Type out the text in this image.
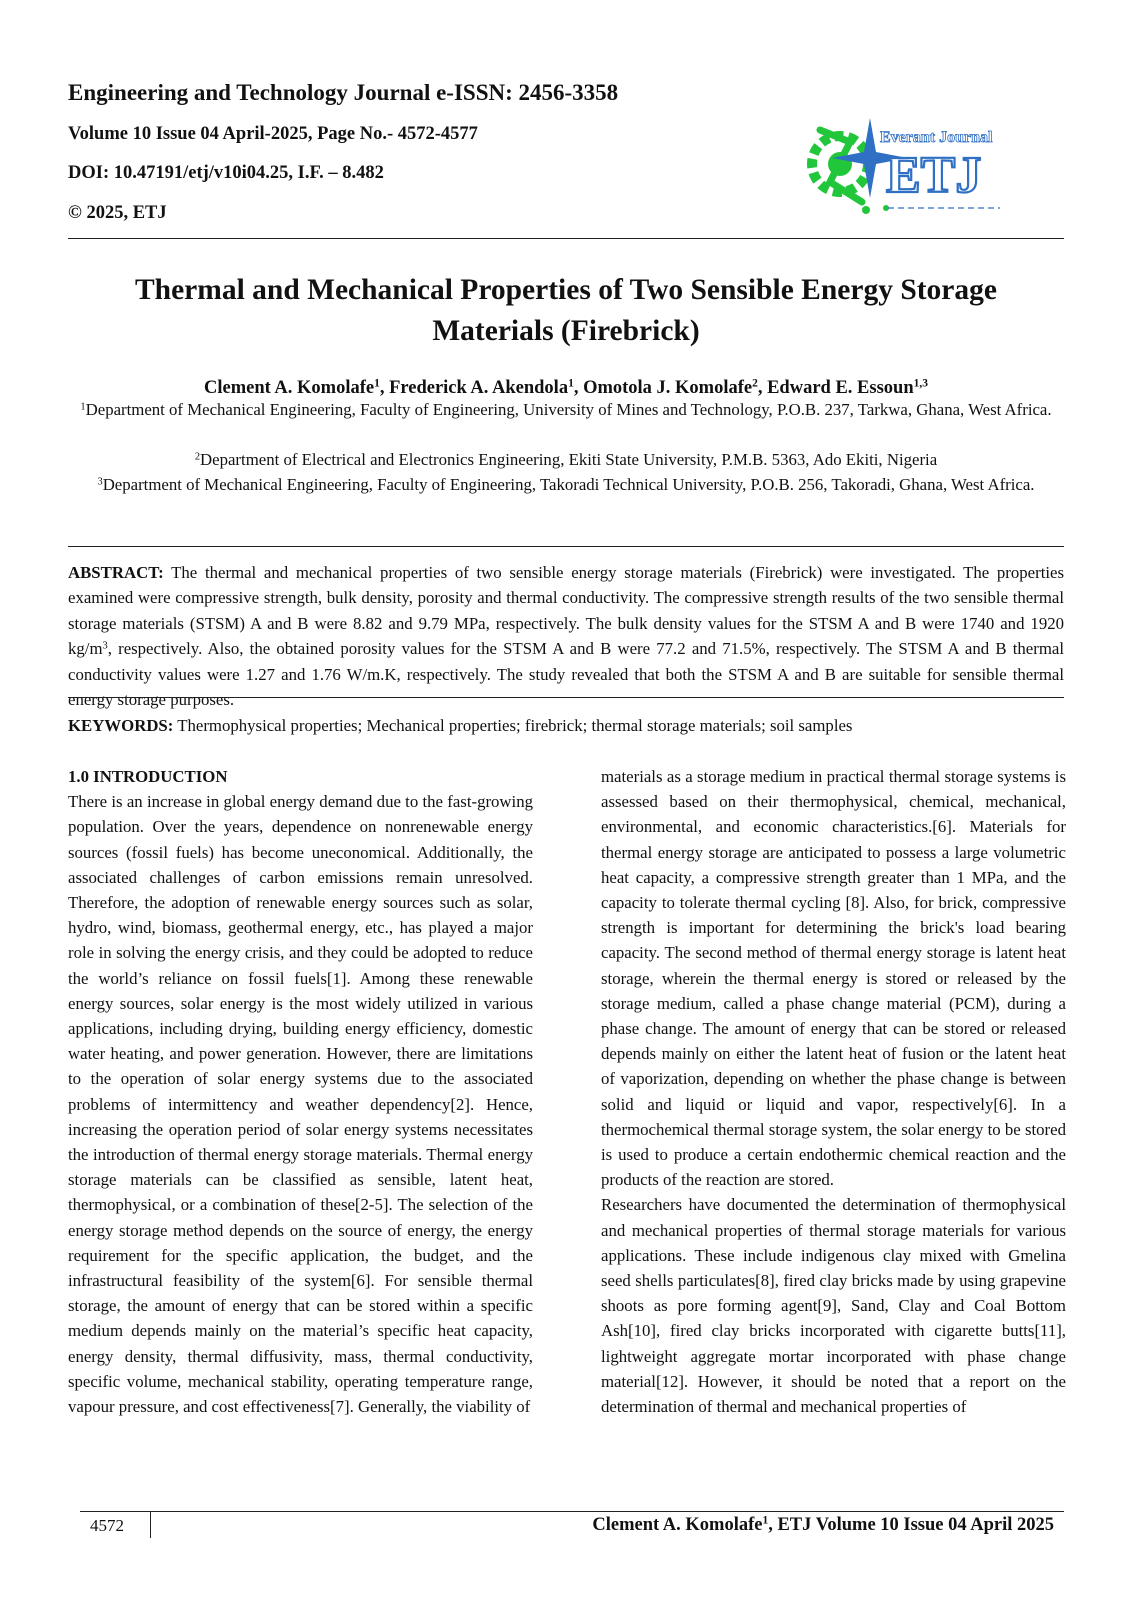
Engineering and Technology Journal e-ISSN: 2456-3358
Volume 10 Issue 04 April-2025, Page No.- 4572-4577
DOI: 10.47191/etj/v10i04.25, I.F. – 8.482
© 2025, ETJ
Everant Journal
ETJ
Thermal and Mechanical Properties of Two Sensible Energy Storage Materials (Firebrick)
Clement A. Komolafe$^1$, Frederick A. Akendola$^1$, Omotola J. Komolafe$^2$, Edward E. Essoun$^{1,3}$
$^1$Department of Mechanical Engineering, Faculty of Engineering, University of Mines and Technology, P.O.B. 237, Tarkwa, Ghana, West Africa.
$^2$Department of Electrical and Electronics Engineering, Ekiti State University, P.M.B. 5363, Ado Ekiti, Nigeria
$^3$Department of Mechanical Engineering, Faculty of Engineering, Takoradi Technical University, P.O.B. 256, Takoradi, Ghana, West Africa.
ABSTRACT: The thermal and mechanical properties of two sensible energy storage materials (Firebrick) were investigated. The properties examined were compressive strength, bulk density, porosity and thermal conductivity. The compressive strength results of the two sensible thermal storage materials (STSM) A and B were 8.82 and 9.79 MPa, respectively. The bulk density values for the STSM A and B were 1740 and 1920 $kg/m^3$, respectively. Also, the obtained porosity values for the STSM A and B were 77.2 and 71.5%, respectively. The STSM A and B thermal conductivity values were 1.27 and 1.76 W/m.K, respectively. The study revealed that both the STSM A and B are suitable for sensible thermal energy storage purposes.
KEYWORDS: Thermophysical properties; Mechanical properties; firebrick; thermal storage materials; soil samples

1.0 INTRODUCTION

There is an increase in global energy demand due to the fast-growing population. Over the years, dependence on nonrenewable energy sources (fossil fuels) has become uneconomical. Additionally, the associated challenges of carbon emissions remain unresolved. Therefore, the adoption of renewable energy sources such as solar, hydro, wind, biomass, geothermal energy, etc., has played a major role in solving the energy crisis, and they could be adopted to reduce the world’s reliance on fossil fuels[1]. Among these renewable energy sources, solar energy is the most widely utilized in various applications, including drying, building energy efficiency, domestic water heating, and power generation. However, there are limitations to the operation of solar energy systems due to the associated problems of intermittency and weather dependency[2]. Hence, increasing the operation period of solar energy systems necessitates the introduction of thermal energy storage materials. Thermal energy storage materials can be classified as sensible, latent heat, thermophysical, or a combination of these[2-5]. The selection of the energy storage method depends on the source of energy, the energy requirement for the specific application, the budget, and the infrastructural feasibility of the system[6]. For sensible thermal storage, the amount of energy that can be stored within a specific medium depends mainly on the material’s specific heat capacity, energy density, thermal diffusivity, mass, thermal conductivity, specific volume, mechanical stability, operating temperature range, vapour pressure, and cost effectiveness[7]. Generally, the viability of

materials as a storage medium in practical thermal storage systems is assessed based on their thermophysical, chemical, mechanical, environmental, and economic characteristics.[6]. Materials for thermal energy storage are anticipated to possess a large volumetric heat capacity, a compressive strength greater than 1 MPa, and the capacity to tolerate thermal cycling [8]. Also, for brick, compressive strength is important for determining the brick's load bearing capacity. The second method of thermal energy storage is latent heat storage, wherein the thermal energy is stored or released by the storage medium, called a phase change material (PCM), during a phase change. The amount of energy that can be stored or released depends mainly on either the latent heat of fusion or the latent heat of vaporization, depending on whether the phase change is between solid and liquid or liquid and vapor, respectively[6]. In a thermochemical thermal storage system, the solar energy to be stored is used to produce a certain endothermic chemical reaction and the products of the reaction are stored.

Researchers have documented the determination of thermophysical and mechanical properties of thermal storage materials for various applications. These include indigenous clay mixed with Gmelina seed shells particulates[8], fired clay bricks made by using grapevine shoots as pore forming agent[9], Sand, Clay and Coal Bottom Ash[10], fired clay bricks incorporated with cigarette butts[11], lightweight aggregate mortar incorporated with phase change material[12]. However, it should be noted that a report on the determination of thermal and mechanical properties of

4572	Clement A. Komolafe$^1$, ETJ Volume 10 Issue 04 April 2025
